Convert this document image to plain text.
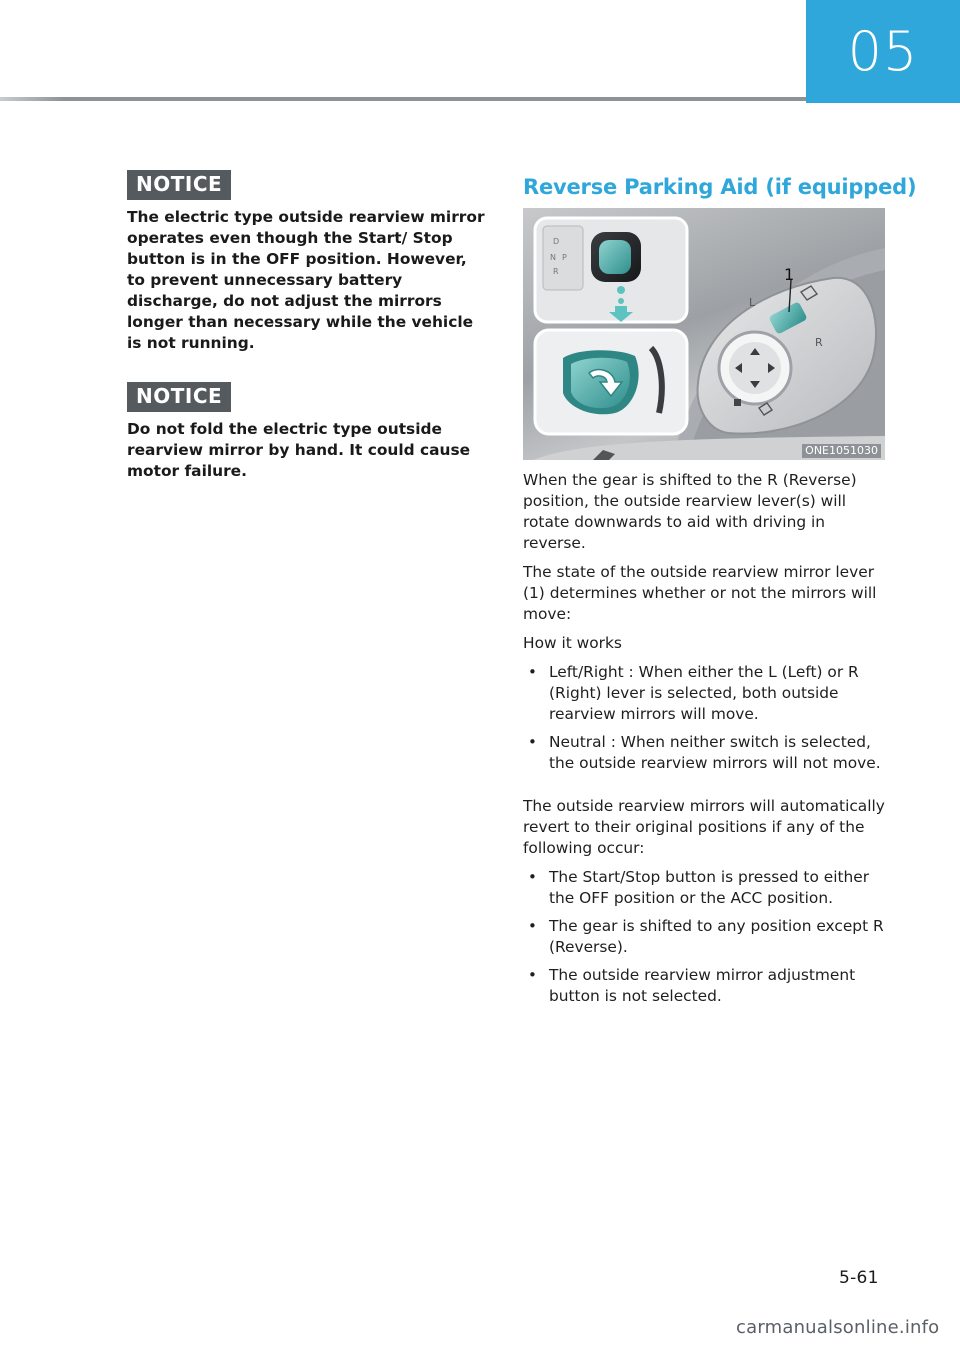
05
NOTICE

The electric type outside rearview mirror operates even though the Start/ Stop button is in the OFF position. However, to prevent unnecessary battery discharge, do not adjust the mirrors longer than necessary while the vehicle is not running.

NOTICE

Do not fold the electric type outside rearview mirror by hand. It could cause motor failure.

Reverse Parking Aid (if equipped)
L
R
1
D
N P
R
ONE1051030

When the gear is shifted to the R (Reverse) position, the outside rearview lever(s) will rotate downwards to aid with driving in reverse.

The state of the outside rearview mirror lever (1) determines whether or not the mirrors will move:

How it works

• Left/Right : When either the L (Left) or R (Right) lever is selected, both outside rearview mirrors will move.
• Neutral : When neither switch is selected, the outside rearview mirrors will not move.

The outside rearview mirrors will automatically revert to their original positions if any of the following occur:

• The Start/Stop button is pressed to either the OFF position or the ACC position.
• The gear is shifted to any position except R (Reverse).
• The outside rearview mirror adjustment button is not selected.
5-61
carmanualsonline.info
